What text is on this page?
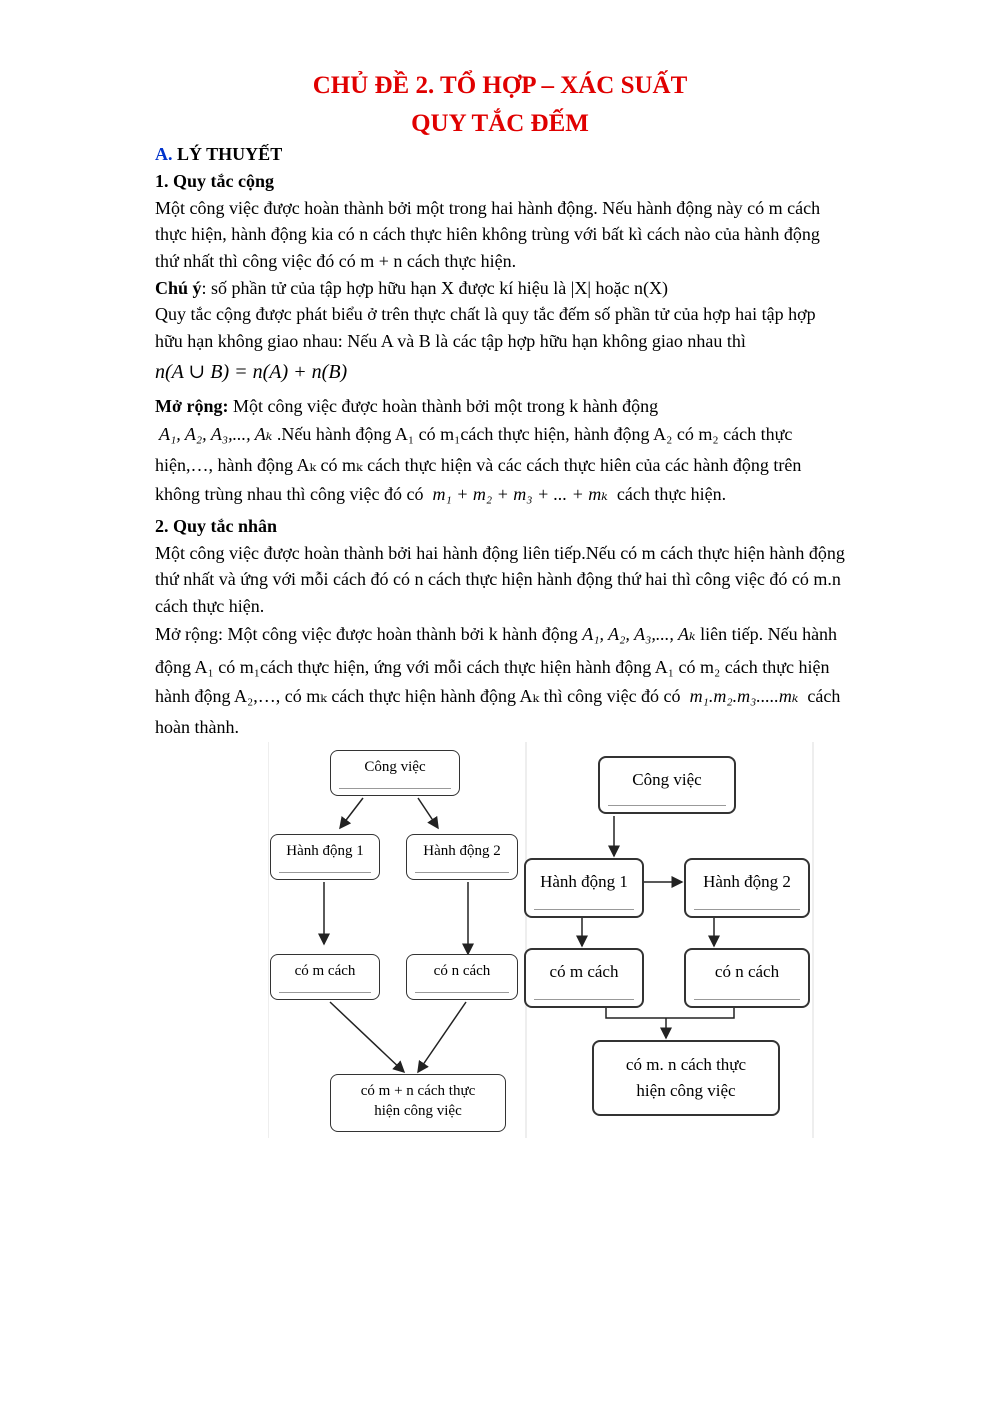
CHỦ ĐỀ 2. TỔ HỢP – XÁC SUẤT
QUY TẮC ĐẾM
A. LÝ THUYẾT
1. Quy tắc cộng
Một công việc được hoàn thành bởi một trong hai hành động. Nếu hành động này có m cách
thực hiện, hành động kia có n cách thực hiên không trùng với bất kì cách nào của hành động
thứ nhất thì công việc đó có m + n cách thực hiện.
Chú ý: số phần tử của tập hợp hữu hạn X được kí hiệu là |X| hoặc n(X)
Quy tắc cộng được phát biểu ở trên thực chất là quy tắc đếm số phần tử của hợp hai tập hợp
hữu hạn không giao nhau: Nếu A và B là các tập hợp hữu hạn không giao nhau thì
n(A ∪ B) = n(A) + n(B)
Mở rộng: Một công việc được hoàn thành bởi một trong k hành động
A₁, A₂, A₃,..., Aₖ .Nếu hành động A₁ có m₁cách thực hiện, hành động A₂ có m₂ cách thực
hiện,…, hành động Aₖ có mₖ cách thực hiện và các cách thực hiên của các hành động trên
không trùng nhau thì công việc đó có m₁ + m₂ + m₃ + ... + mₖ cách thực hiện.
2. Quy tắc nhân
Một công việc được hoàn thành bởi hai hành động liên tiếp.Nếu có m cách thực hiện hành động
thứ nhất và ứng với mỗi cách đó có n cách thực hiện hành động thứ hai thì công việc đó có m.n
cách thực hiện.
Mở rộng: Một công việc được hoàn thành bởi k hành động A₁, A₂, A₃,..., Aₖ liên tiếp. Nếu hành
động A₁ có m₁cách thực hiện, ứng với mỗi cách thực hiện hành động A₁ có m₂ cách thực hiện
hành động A₂,…, có mₖ cách thực hiện hành động Aₖ thì công việc đó có m₁.m₂.m₃.....mₖ cách
hoàn thành.
Công việc
Hành động 1	Hành động 2
có m cách	có n cách
có m + n cách thực
hiện công việc
Công việc
Hành động 1	Hành động 2
có m cách	có n cách
có m. n cách thực
hiện công việc
